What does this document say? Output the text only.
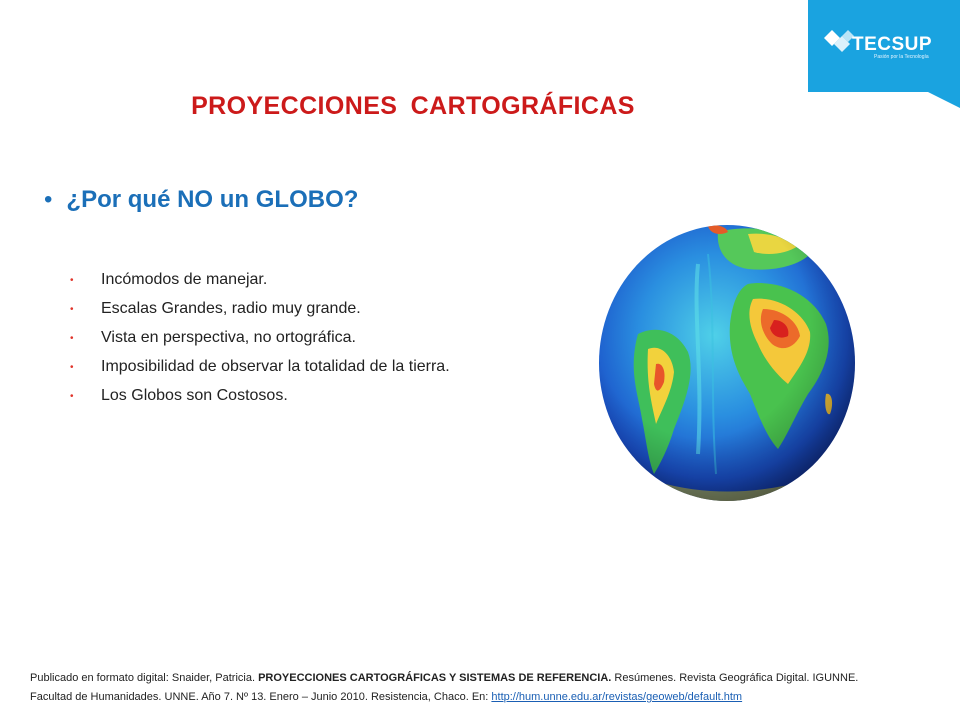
TECSUP
Pasión por la Tecnología
PROYECCIONES CARTOGRÁFICAS
• ¿Por qué NO un GLOBO?
•	Incómodos de manejar.
•	Escalas Grandes, radio muy grande.
•	Vista en perspectiva, no ortográfica.
•	Imposibilidad de observar la totalidad de la tierra.
•	Los Globos son Costosos.
Publicado en formato digital: Snaider, Patricia. PROYECCIONES CARTOGRÁFICAS Y SISTEMAS DE REFERENCIA. Resúmenes. Revista Geográfica Digital. IGUNNE.
Facultad de Humanidades. UNNE. Año 7. Nº 13. Enero – Junio 2010. Resistencia, Chaco. En: http://hum.unne.edu.ar/revistas/geoweb/default.htm
